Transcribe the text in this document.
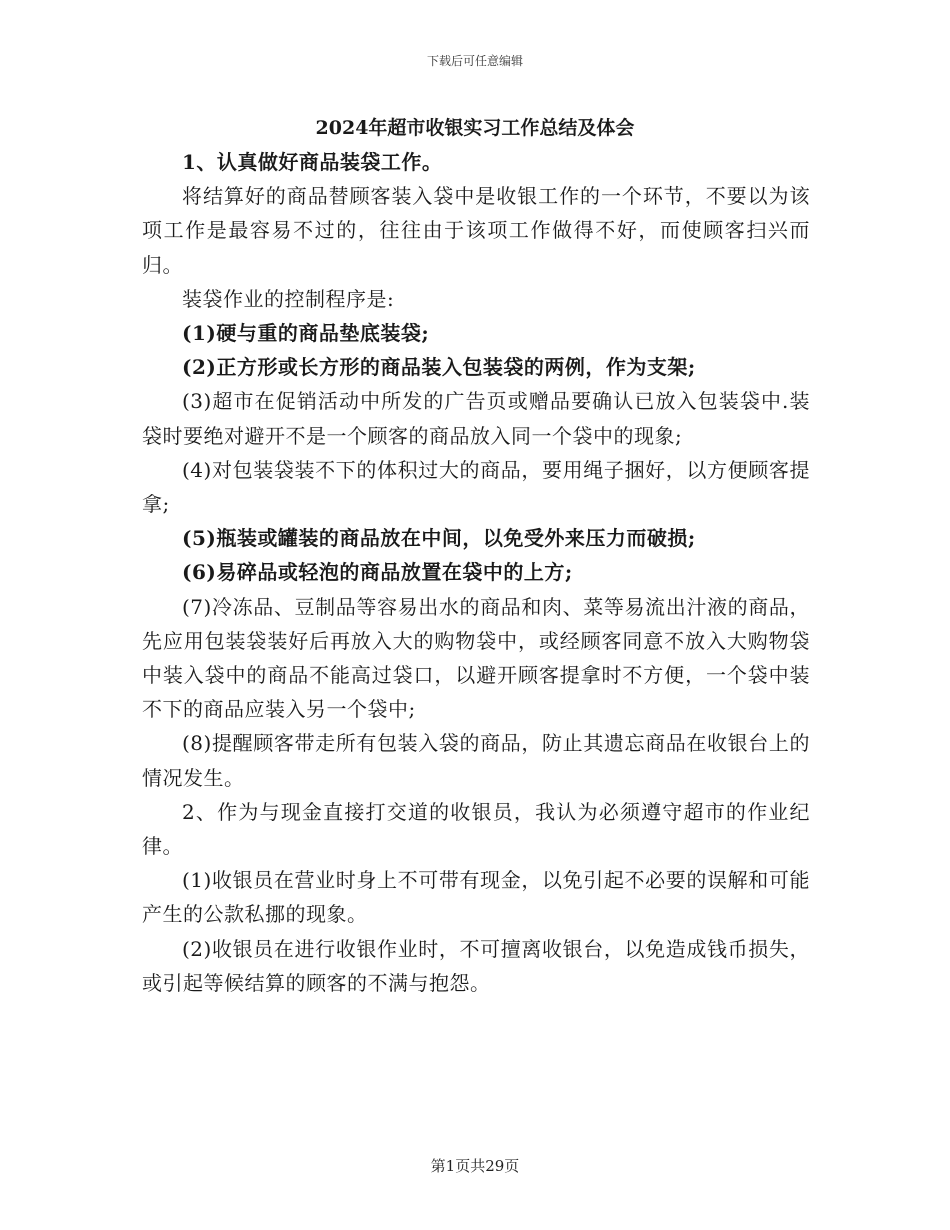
下载后可任意编辑
2024年超市收银实习工作总结及体会

1、认真做好商品装袋工作。

将结算好的商品替顾客装入袋中是收银工作的一个环节，不要以为该项工作是最容易不过的，往往由于该项工作做得不好，而使顾客扫兴而归。

装袋作业的控制程序是:

(1)硬与重的商品垫底装袋;

(2)正方形或长方形的商品装入包装袋的两例，作为支架;

(3)超市在促销活动中所发的广告页或赠品要确认已放入包装袋中.装袋时要绝对避开不是一个顾客的商品放入同一个袋中的现象;

(4)对包装袋装不下的体积过大的商品，要用绳子捆好，以方便顾客提拿;

(5)瓶装或罐装的商品放在中间，以免受外来压力而破损;

(6)易碎品或轻泡的商品放置在袋中的上方;

(7)冷冻品、豆制品等容易出水的商品和肉、菜等易流出汁液的商品，先应用包装袋装好后再放入大的购物袋中，或经顾客同意不放入大购物袋中装入袋中的商品不能高过袋口，以避开顾客提拿时不方便，一个袋中装不下的商品应装入另一个袋中;

(8)提醒顾客带走所有包装入袋的商品，防止其遗忘商品在收银台上的情况发生。

2、作为与现金直接打交道的收银员，我认为必须遵守超市的作业纪律。

(1)收银员在营业时身上不可带有现金，以免引起不必要的误解和可能产生的公款私挪的现象。

(2)收银员在进行收银作业时，不可擅离收银台，以免造成钱币损失，或引起等候结算的顾客的不满与抱怨。

第1页共29页
